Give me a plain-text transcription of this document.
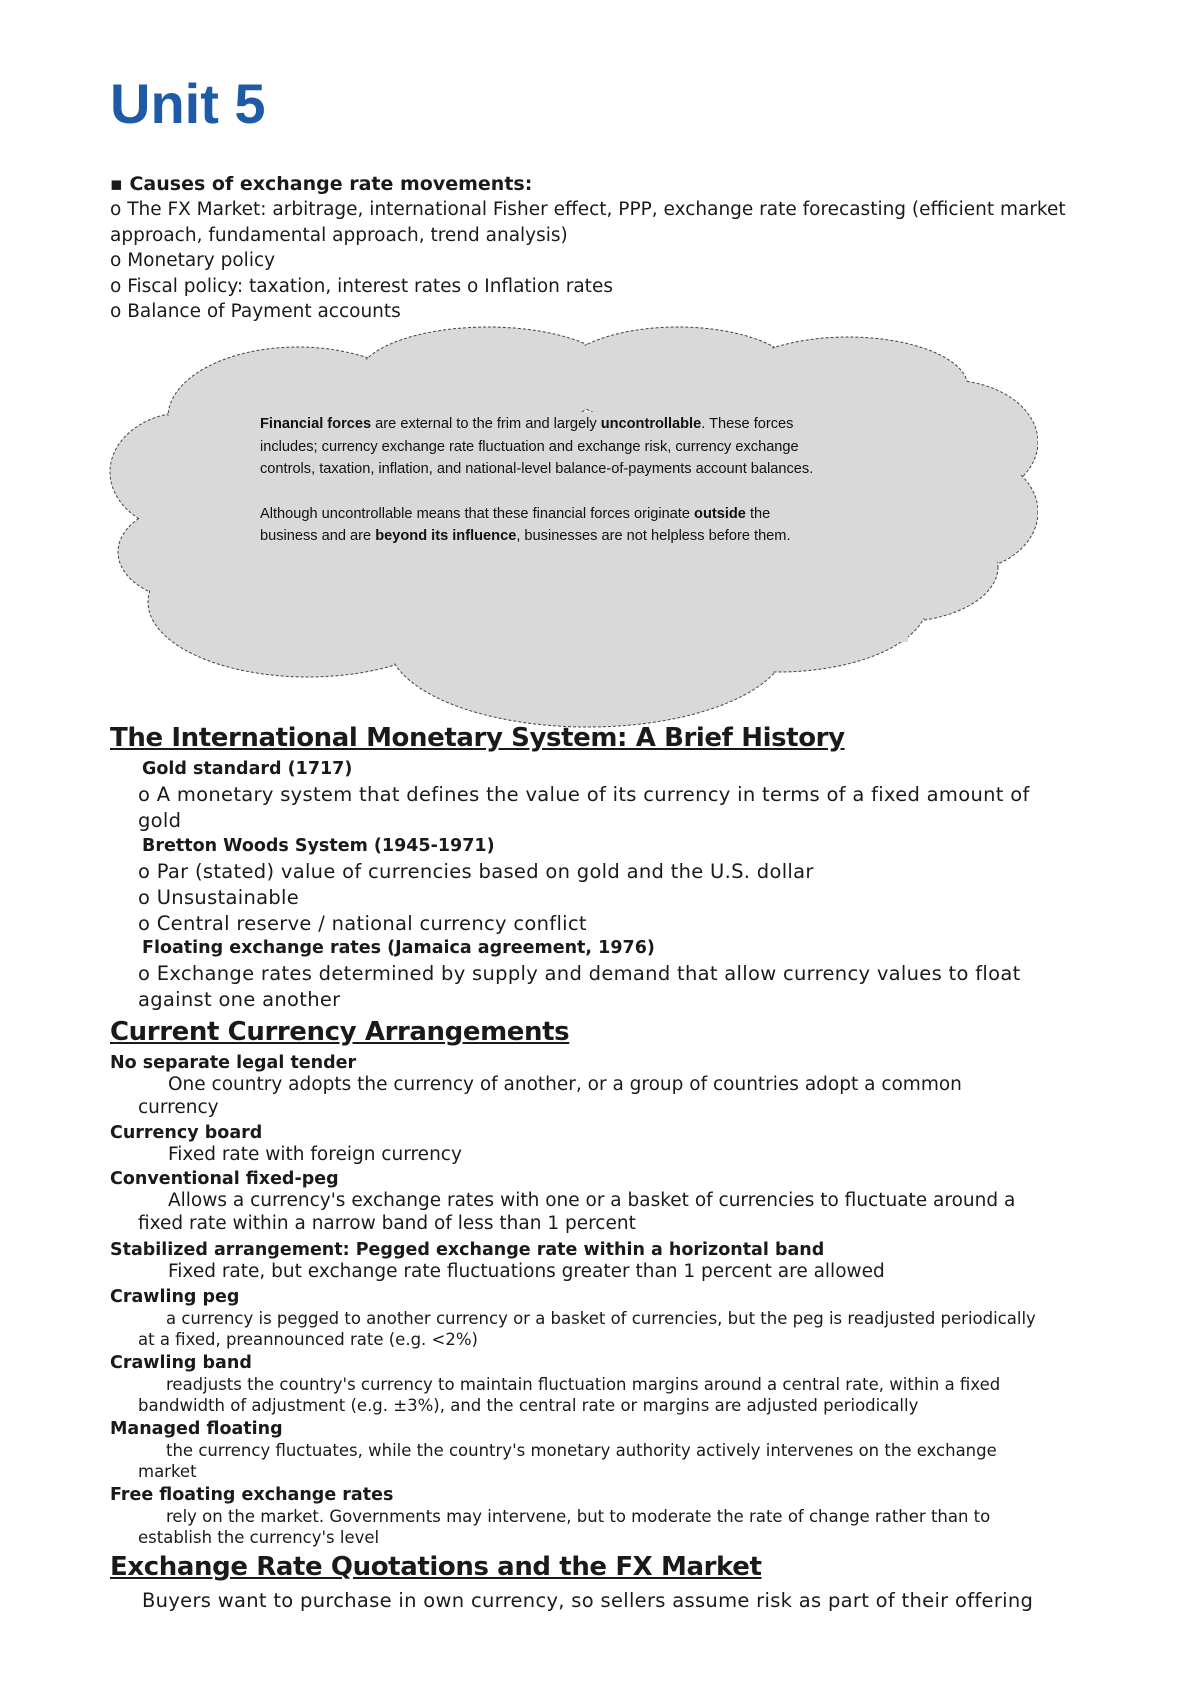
Unit 5
▪ Causes of exchange rate movements:
o The FX Market: arbitrage, international Fisher effect, PPP, exchange rate forecasting (efficient market
approach, fundamental approach, trend analysis)
o Monetary policy
o Fiscal policy: taxation, interest rates o Inflation rates
o Balance of Payment accounts

Financial forces are external to the frim and largely uncontrollable. These forces includes; currency exchange rate fluctuation and exchange risk, currency exchange controls, taxation, inflation, and national-level balance-of-payments account balances.

Although uncontrollable means that these financial forces originate outside the business and are beyond its influence, businesses are not helpless before them.

The International Monetary System: A Brief History
Gold standard (1717)
o A monetary system that defines the value of its currency in terms of a fixed amount of
gold
Bretton Woods System (1945-1971)
o Par (stated) value of currencies based on gold and the U.S. dollar
o Unsustainable
o Central reserve / national currency conflict
Floating exchange rates (Jamaica agreement, 1976)
o Exchange rates determined by supply and demand that allow currency values to float
against one another
Current Currency Arrangements
No separate legal tender
One country adopts the currency of another, or a group of countries adopt a common
currency
Currency board
Fixed rate with foreign currency
Conventional fixed-peg
Allows a currency's exchange rates with one or a basket of currencies to fluctuate around a
fixed rate within a narrow band of less than 1 percent
Stabilized arrangement: Pegged exchange rate within a horizontal band
Fixed rate, but exchange rate fluctuations greater than 1 percent are allowed
Crawling peg
a currency is pegged to another currency or a basket of currencies, but the peg is readjusted periodically
at a fixed, preannounced rate (e.g. <2%)
Crawling band
readjusts the country's currency to maintain fluctuation margins around a central rate, within a fixed
bandwidth of adjustment (e.g. ±3%), and the central rate or margins are adjusted periodically
Managed floating
the currency fluctuates, while the country's monetary authority actively intervenes on the exchange
market
Free floating exchange rates
rely on the market. Governments may intervene, but to moderate the rate of change rather than to
establish the currency's level
Exchange Rate Quotations and the FX Market
Buyers want to purchase in own currency, so sellers assume risk as part of their offering
